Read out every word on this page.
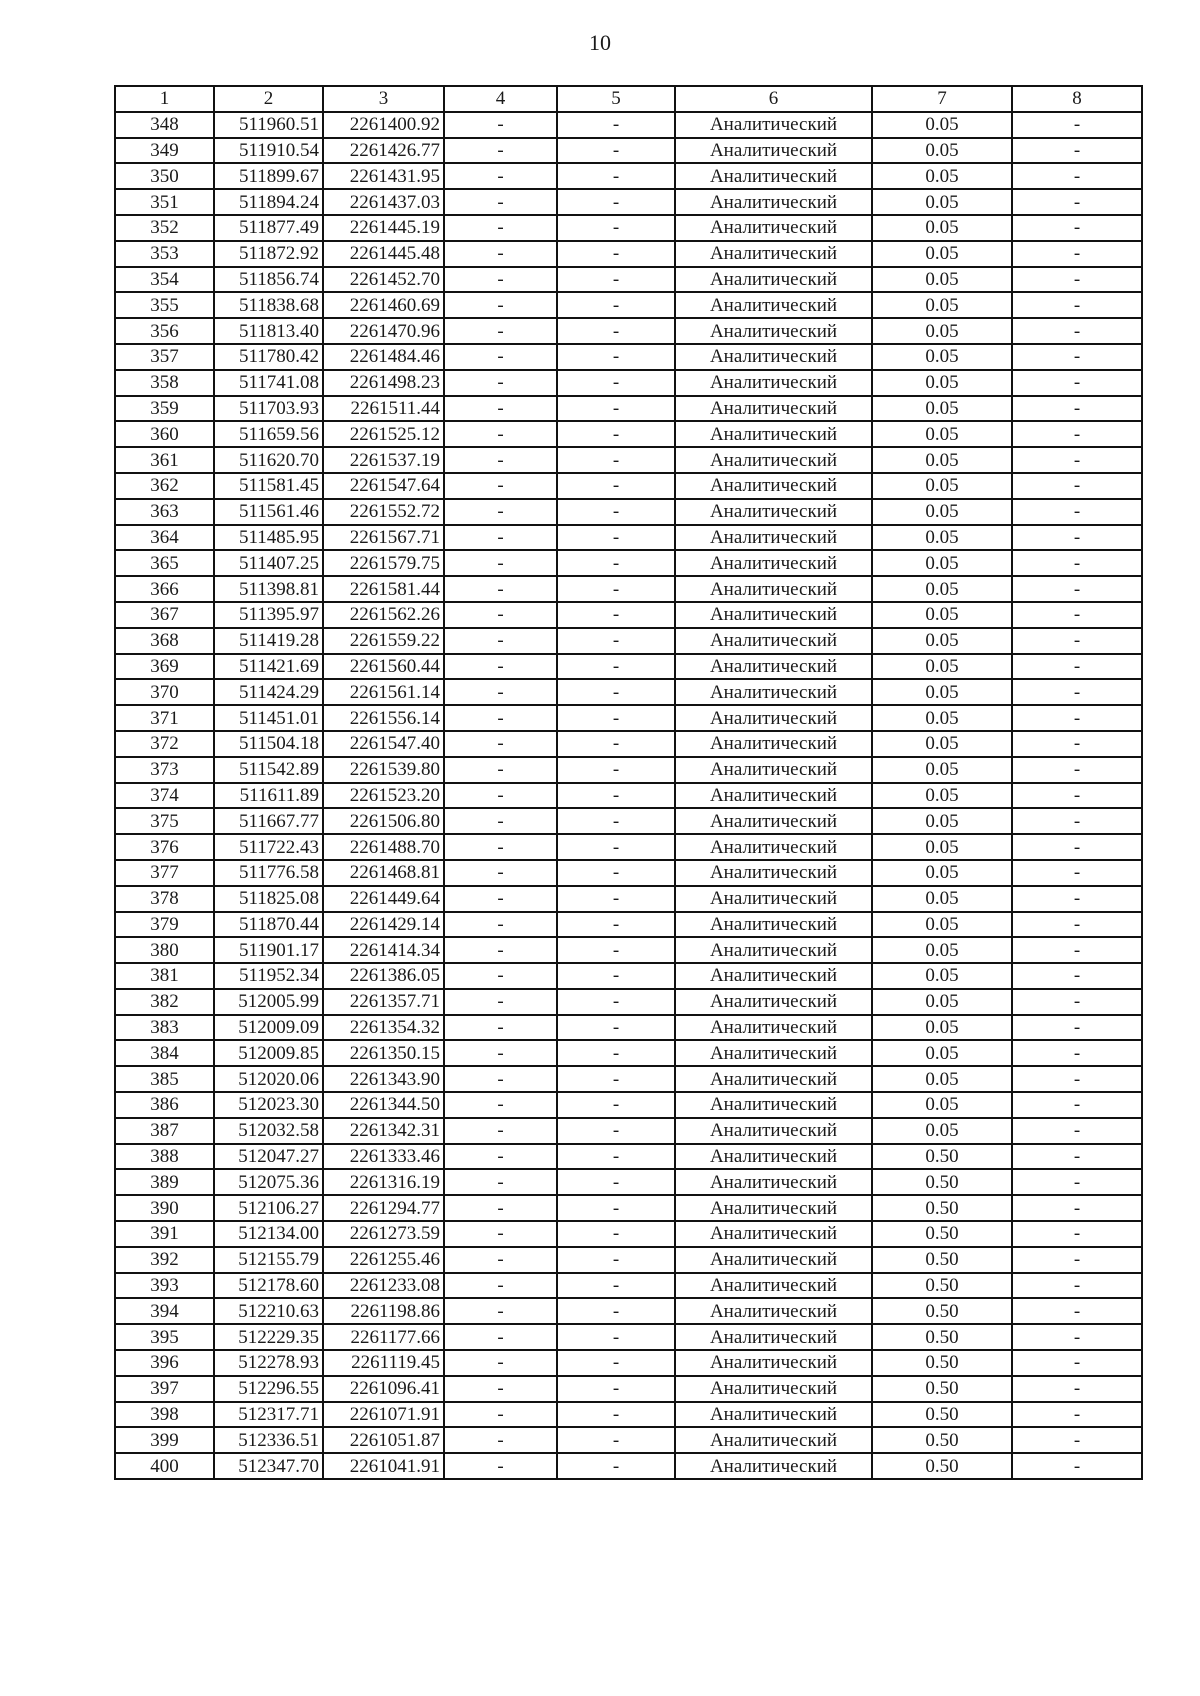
10
1	2	3	4	5	6	7	8
348	511960.51	2261400.92	-	-	Аналитический	0.05	-
349	511910.54	2261426.77	-	-	Аналитический	0.05	-
350	511899.67	2261431.95	-	-	Аналитический	0.05	-
351	511894.24	2261437.03	-	-	Аналитический	0.05	-
352	511877.49	2261445.19	-	-	Аналитический	0.05	-
353	511872.92	2261445.48	-	-	Аналитический	0.05	-
354	511856.74	2261452.70	-	-	Аналитический	0.05	-
355	511838.68	2261460.69	-	-	Аналитический	0.05	-
356	511813.40	2261470.96	-	-	Аналитический	0.05	-
357	511780.42	2261484.46	-	-	Аналитический	0.05	-
358	511741.08	2261498.23	-	-	Аналитический	0.05	-
359	511703.93	2261511.44	-	-	Аналитический	0.05	-
360	511659.56	2261525.12	-	-	Аналитический	0.05	-
361	511620.70	2261537.19	-	-	Аналитический	0.05	-
362	511581.45	2261547.64	-	-	Аналитический	0.05	-
363	511561.46	2261552.72	-	-	Аналитический	0.05	-
364	511485.95	2261567.71	-	-	Аналитический	0.05	-
365	511407.25	2261579.75	-	-	Аналитический	0.05	-
366	511398.81	2261581.44	-	-	Аналитический	0.05	-
367	511395.97	2261562.26	-	-	Аналитический	0.05	-
368	511419.28	2261559.22	-	-	Аналитический	0.05	-
369	511421.69	2261560.44	-	-	Аналитический	0.05	-
370	511424.29	2261561.14	-	-	Аналитический	0.05	-
371	511451.01	2261556.14	-	-	Аналитический	0.05	-
372	511504.18	2261547.40	-	-	Аналитический	0.05	-
373	511542.89	2261539.80	-	-	Аналитический	0.05	-
374	511611.89	2261523.20	-	-	Аналитический	0.05	-
375	511667.77	2261506.80	-	-	Аналитический	0.05	-
376	511722.43	2261488.70	-	-	Аналитический	0.05	-
377	511776.58	2261468.81	-	-	Аналитический	0.05	-
378	511825.08	2261449.64	-	-	Аналитический	0.05	-
379	511870.44	2261429.14	-	-	Аналитический	0.05	-
380	511901.17	2261414.34	-	-	Аналитический	0.05	-
381	511952.34	2261386.05	-	-	Аналитический	0.05	-
382	512005.99	2261357.71	-	-	Аналитический	0.05	-
383	512009.09	2261354.32	-	-	Аналитический	0.05	-
384	512009.85	2261350.15	-	-	Аналитический	0.05	-
385	512020.06	2261343.90	-	-	Аналитический	0.05	-
386	512023.30	2261344.50	-	-	Аналитический	0.05	-
387	512032.58	2261342.31	-	-	Аналитический	0.05	-
388	512047.27	2261333.46	-	-	Аналитический	0.50	-
389	512075.36	2261316.19	-	-	Аналитический	0.50	-
390	512106.27	2261294.77	-	-	Аналитический	0.50	-
391	512134.00	2261273.59	-	-	Аналитический	0.50	-
392	512155.79	2261255.46	-	-	Аналитический	0.50	-
393	512178.60	2261233.08	-	-	Аналитический	0.50	-
394	512210.63	2261198.86	-	-	Аналитический	0.50	-
395	512229.35	2261177.66	-	-	Аналитический	0.50	-
396	512278.93	2261119.45	-	-	Аналитический	0.50	-
397	512296.55	2261096.41	-	-	Аналитический	0.50	-
398	512317.71	2261071.91	-	-	Аналитический	0.50	-
399	512336.51	2261051.87	-	-	Аналитический	0.50	-
400	512347.70	2261041.91	-	-	Аналитический	0.50	-
